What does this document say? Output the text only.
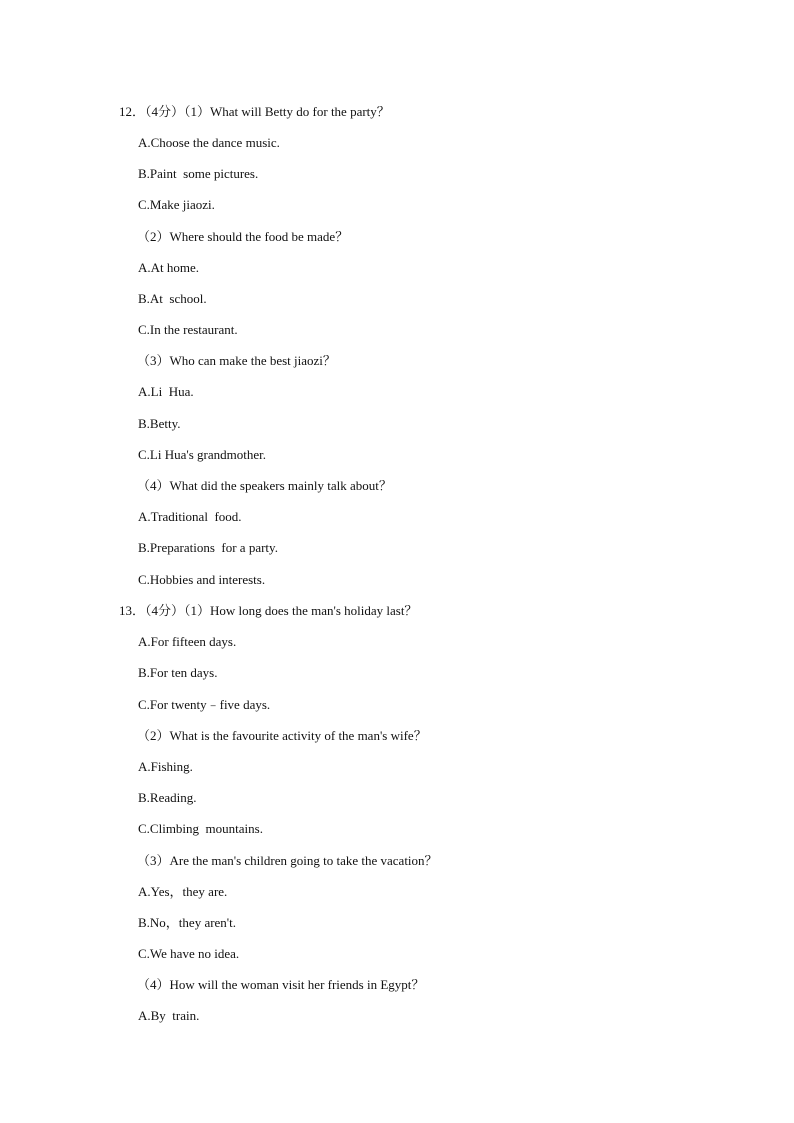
12．（4分）（1）What will Betty do for the party？
A.Choose the dance music.
B.Paint  some pictures.
C.Make jiaozi.
（2）Where should the food be made？
A.At home.
B.At  school.
C.In the restaurant.
（3）Who can make the best jiaozi？
A.Li  Hua.
B.Betty.
C.Li Hua's grandmother.
（4）What did the speakers mainly talk about？
A.Traditional  food.
B.Preparations  for a party.
C.Hobbies and interests.
13．（4分）（1）How long does the man's holiday last？
A.For fifteen days.
B.For ten days.
C.For twenty﹣five days.
（2）What is the favourite activity of the man's wife？
A.Fishing.
B.Reading.
C.Climbing  mountains.
（3）Are the man's children going to take the vacation？
A.Yes，they are.
B.No，they aren't.
C.We have no idea.
（4）How will the woman visit her friends in Egypt？
A.By  train.
